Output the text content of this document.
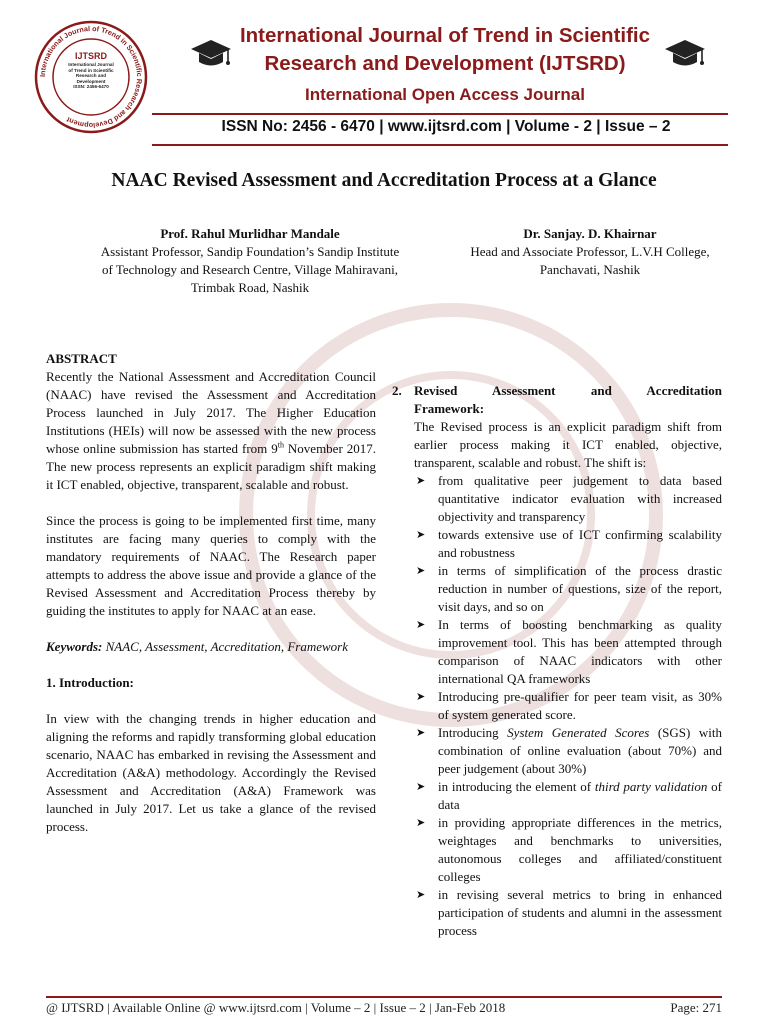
International Journal of Trend in Scientific Research and Development
IJTSRD
International Journal
of Trend in Scientific
Research and
Development
ISSN: 2456-6470
International Journal of Trend in Scientific Research and Development (IJTSRD)
International Open Access Journal
ISSN No: 2456 - 6470 | www.ijtsrd.com | Volume - 2 | Issue – 2
NAAC Revised Assessment and Accreditation Process at a Glance
Prof. Rahul Murlidhar Mandale
Assistant Professor, Sandip Foundation’s Sandip Institute of Technology and Research Centre, Village Mahiravani, Trimbak Road, Nashik
Dr. Sanjay. D. Khairnar
Head and Associate Professor, L.V.H College, Panchavati, Nashik

ABSTRACT

Recently the National Assessment and Accreditation Council (NAAC) have revised the Assessment and Accreditation Process launched in July 2017. The Higher Education Institutions (HEIs) will now be assessed with the new process whose online submission has started from 9th November 2017. The new process represents an explicit paradigm shift making it ICT enabled, objective, transparent, scalable and robust.

Since the process is going to be implemented first time, many institutes are facing many queries to comply with the mandatory requirements of NAAC. The Research paper attempts to address the above issue and provide a glance of the Revised Assessment and Accreditation Process thereby by guiding the institutes to apply for NAAC at an ease.

Keywords: NAAC, Assessment, Accreditation, Framework

1. Introduction:

In view with the changing trends in higher education and aligning the reforms and rapidly transforming global education scenario, NAAC has embarked in revising the Assessment and Accreditation (A&A) methodology. Accordingly the Revised Assessment and Accreditation (A&A) Framework was launched in July 2017. Let us take a glance of the revised process.

2. Revised Assessment and Accreditation
Framework:

The Revised process is an explicit paradigm shift from earlier process making it ICT enabled, objective, transparent, scalable and robust. The shift is:

➤ from qualitative peer judgement to data based quantitative indicator evaluation with increased objectivity and transparency
➤ towards extensive use of ICT confirming scalability and robustness
➤ in terms of simplification of the process drastic reduction in number of questions, size of the report, visit days, and so on
➤ In terms of boosting benchmarking as quality improvement tool. This has been attempted through comparison of NAAC indicators with other international QA frameworks
➤ Introducing pre-qualifier for peer team visit, as 30% of system generated score.
➤ Introducing System Generated Scores (SGS) with combination of online evaluation (about 70%) and peer judgement (about 30%)
➤ in introducing the element of third party validation of data
➤ in providing appropriate differences in the metrics, weightages and benchmarks to universities, autonomous colleges and affiliated/constituent colleges
➤ in revising several metrics to bring in enhanced participation of students and alumni in the assessment process
@ IJTSRD | Available Online @ www.ijtsrd.com | Volume – 2 | Issue – 2 | Jan-Feb 2018	Page: 271
